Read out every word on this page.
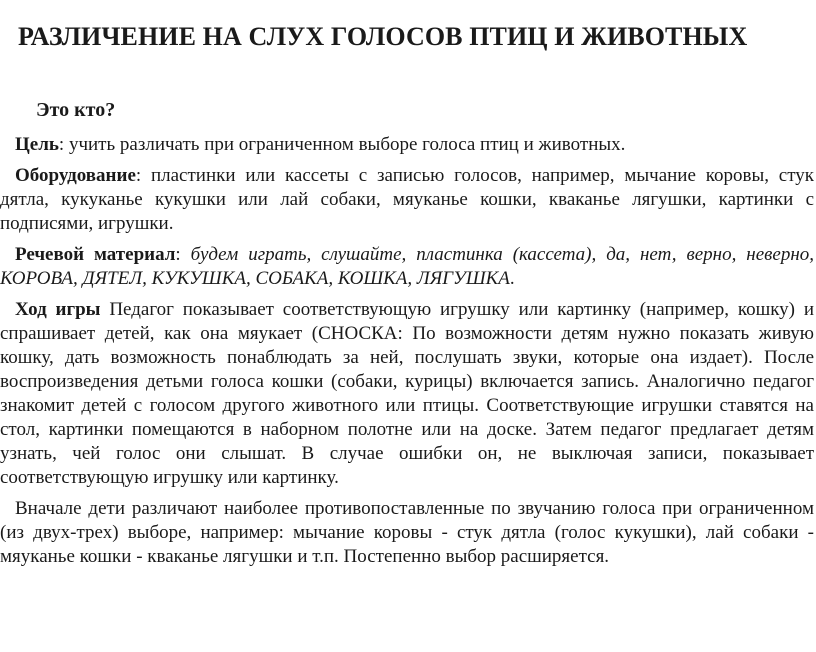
РАЗЛИЧЕНИЕ НА СЛУХ ГОЛОСОВ ПТИЦ И ЖИВОТНЫХ
Это кто?

Цель: учить различать при ограниченном выборе голоса птиц и животных.

Оборудование: пластинки или кассеты с записью голосов, например, мычание коровы, стук дятла, кукуканье кукушки или лай собаки, мяуканье кошки, кваканье лягушки, картинки с подписями, игрушки.

Речевой материал: будем играть, слушайте, пластинка (кассета), да, нет, верно, неверно, КОРОВА, ДЯТЕЛ, КУКУШКА, СОБАКА, КОШКА, ЛЯГУШКА.

Ход игры Педагог показывает соответствующую игрушку или картинку (например, кошку) и спрашивает детей, как она мяукает (СНОСКА: По возможности детям нужно показать живую кошку, дать возможность понаблюдать за ней, послушать звуки, которые она издает). После воспроизведения детьми голоса кошки (собаки, курицы) включается запись. Аналогично педагог знакомит детей с голосом другого животного или птицы. Соответствующие игрушки ставятся на стол, картинки помещаются в наборном полотне или на доске. Затем педагог предлагает детям узнать, чей голос они слышат. В случае ошибки он, не выключая записи, показывает соответствующую игрушку или картинку.

Вначале дети различают наиболее противопоставленные по звучанию голоса при ограниченном (из двух-трех) выборе, например: мычание коровы - стук дятла (голос кукушки), лай собаки - мяуканье кошки - кваканье лягушки и т.п. Постепенно выбор расширяется.
